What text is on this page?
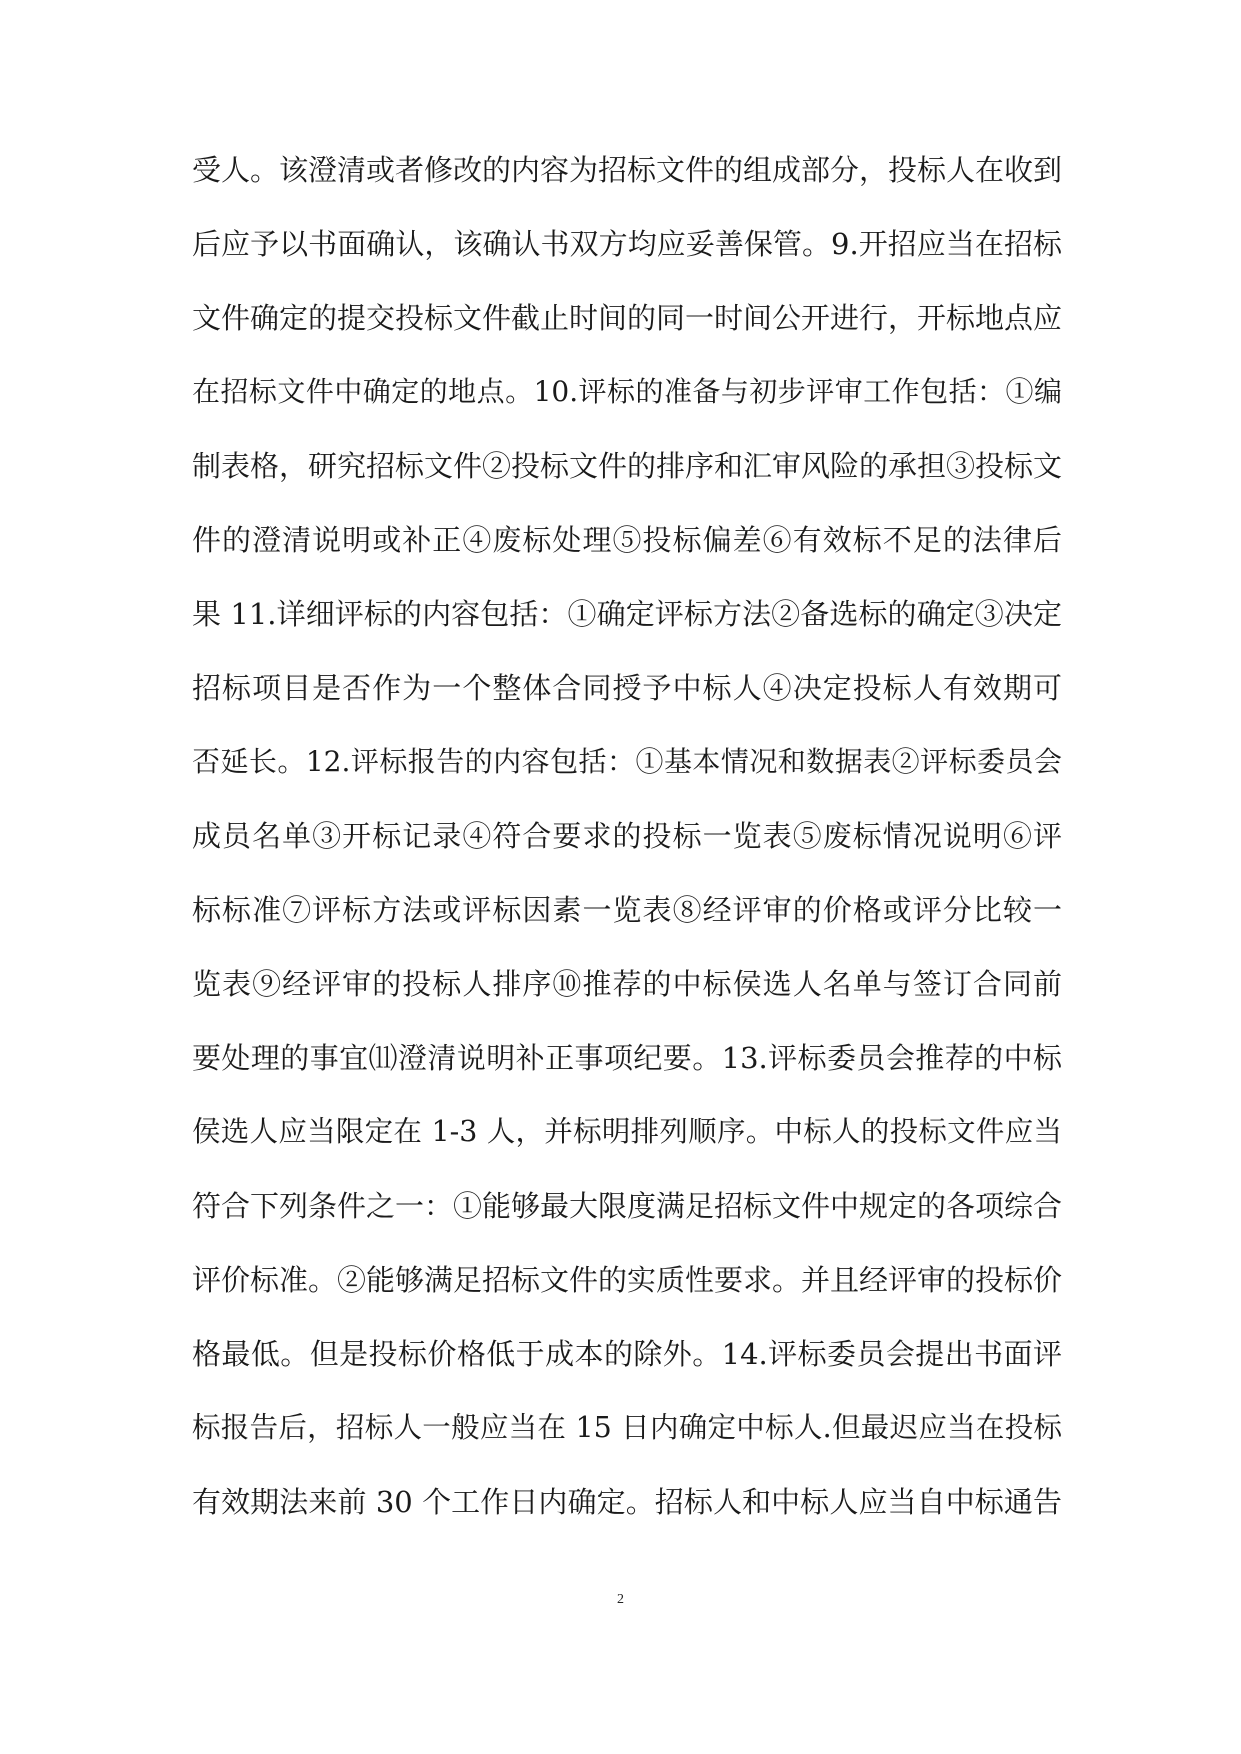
受人。该澄清或者修改的内容为招标文件的组成部分，投标人在收到
后应予以书面确认，该确认书双方均应妥善保管。9.开招应当在招标
文件确定的提交投标文件截止时间的同一时间公开进行，开标地点应
在招标文件中确定的地点。10.评标的准备与初步评审工作包括：①编
制表格，研究招标文件②投标文件的排序和汇审风险的承担③投标文
件的澄清说明或补正④废标处理⑤投标偏差⑥有效标不足的法律后
果 11.详细评标的内容包括：①确定评标方法②备选标的确定③决定
招标项目是否作为一个整体合同授予中标人④决定投标人有效期可
否延长。12.评标报告的内容包括：①基本情况和数据表②评标委员会
成员名单③开标记录④符合要求的投标一览表⑤废标情况说明⑥评
标标准⑦评标方法或评标因素一览表⑧经评审的价格或评分比较一
览表⑨经评审的投标人排序⑩推荐的中标侯选人名单与签订合同前
要处理的事宜⑾澄清说明补正事项纪要。13.评标委员会推荐的中标
侯选人应当限定在 1-3 人，并标明排列顺序。中标人的投标文件应当
符合下列条件之一：①能够最大限度满足招标文件中规定的各项综合
评价标准。②能够满足招标文件的实质性要求。并且经评审的投标价
格最低。但是投标价格低于成本的除外。14.评标委员会提出书面评
标报告后，招标人一般应当在 15 日内确定中标人.但最迟应当在投标
有效期法来前 30 个工作日内确定。招标人和中标人应当自中标通告
2
